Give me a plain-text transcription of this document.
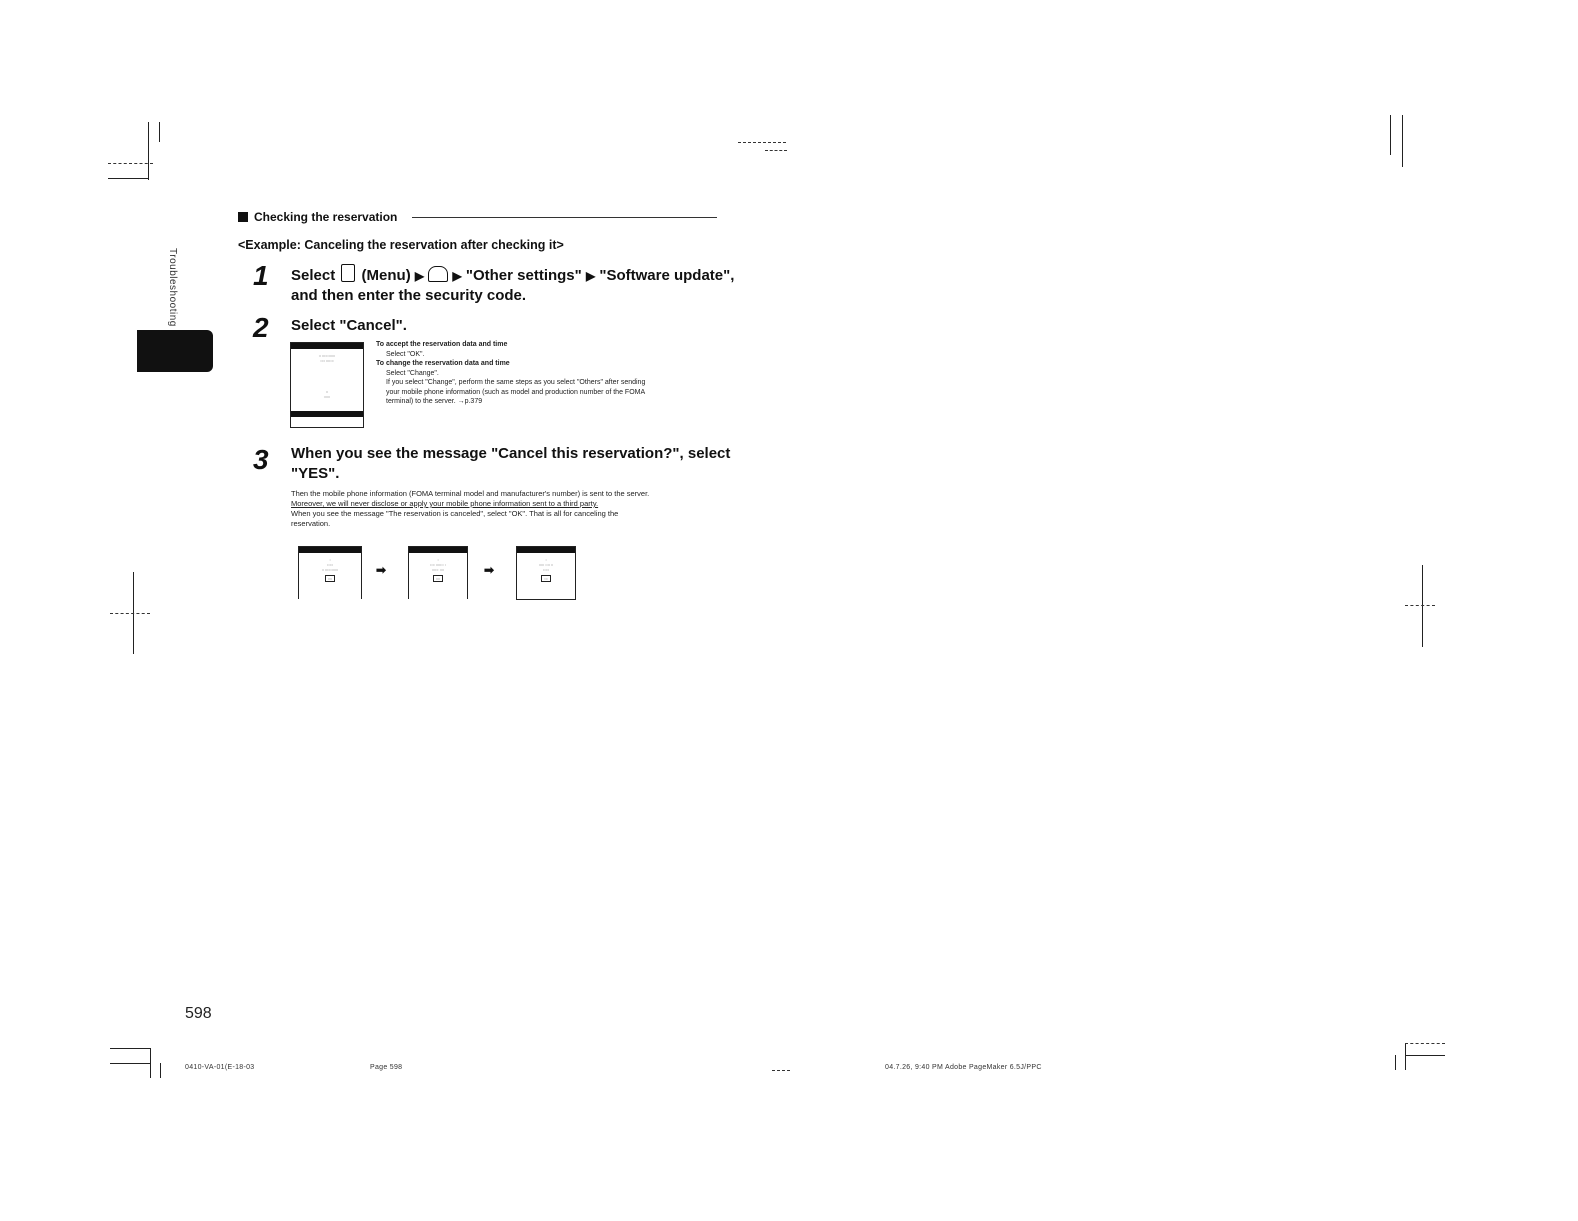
Troubleshooting
Checking the reservation
<Example: Canceling the reservation after checking it>
1 Select (Menu) ▶ ▶ "Other settings" ▶ "Software update",
and then enter the security code.
2 Select "Cancel".
:: ::::::::::::
:::: :::::::
::
::::::
To accept the reservation data and time
Select "OK".
To change the reservation data and time
Select "Change".
If you select "Change", perform the same steps as you select "Others" after sending
your mobile phone information (such as model and production number of the FOMA
terminal) to the server. →p.379
3 When you see the message "Cancel this reservation?", select
"YES".
Then the mobile phone information (FOMA terminal model and manufacturer's number) is sent to the server.
Moreover, we will never disclose or apply your mobile phone information sent to a third party.
When you see the message "The reservation is canceled", select "OK". That is all for canceling the
reservation.
:
:::::
:: ::::::::::::
::::
➡
:
:::: ::::::: :
:::::: ::::
::::
➡
:
::::: :::: ::
:::::
:::
598
0410-VA-01(E-18-03	Page 598	04.7.26, 9:40 PM Adobe PageMaker 6.5J/PPC
